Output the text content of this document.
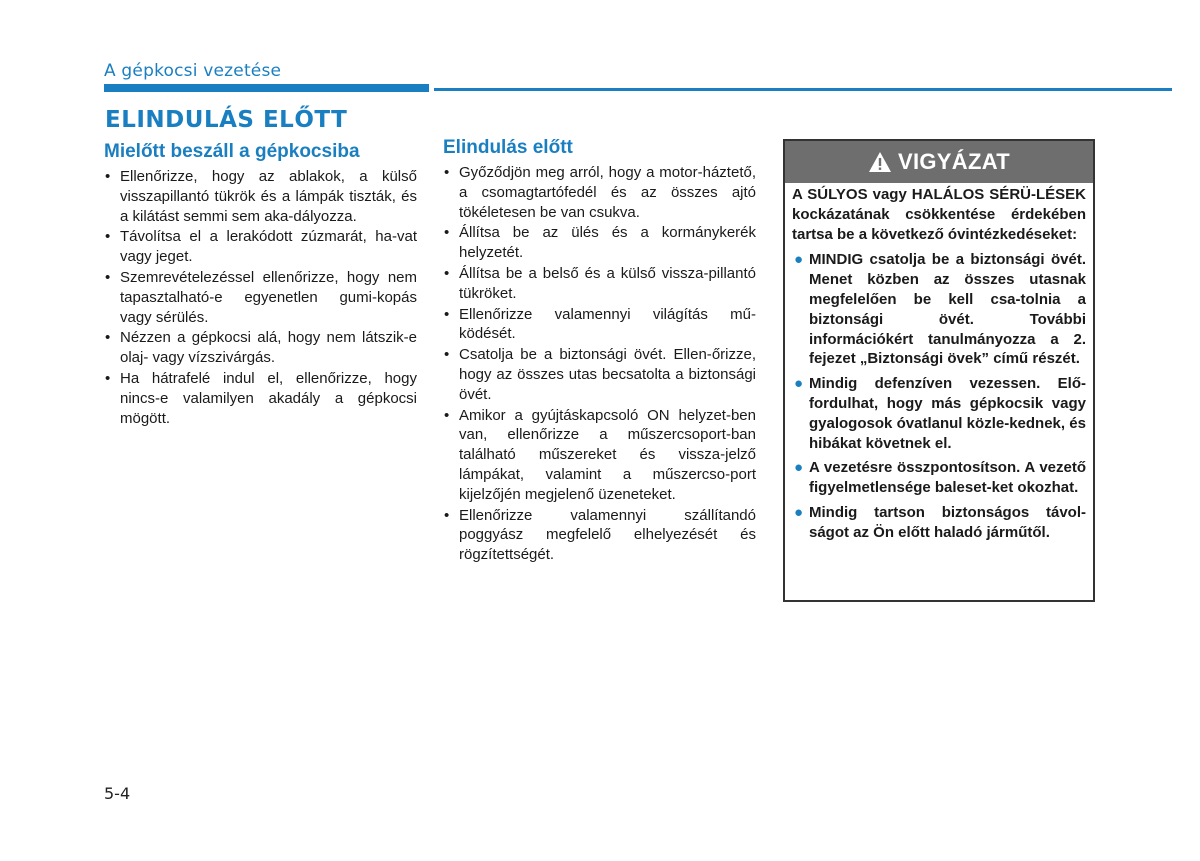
A gépkocsi vezetése
ELINDULÁS ELŐTT
Mielőtt beszáll a gépkocsiba
• Ellenőrizze, hogy az ablakok, a külső visszapillantó tükrök és a lámpák tiszták, és a kilátást semmi sem aka-dályozza.
• Távolítsa el a lerakódott zúzmarát, ha-vat vagy jeget.
• Szemrevételezéssel ellenőrizze, hogy nem tapasztalható-e egyenetlen gumi-kopás vagy sérülés.
• Nézzen a gépkocsi alá, hogy nem látszik-e olaj- vagy vízszivárgás.
• Ha hátrafelé indul el, ellenőrizze, hogy nincs-e valamilyen akadály a gépkocsi mögött.
Elindulás előtt
• Győződjön meg arról, hogy a motor-háztető, a csomagtartófedél és az összes ajtó tökéletesen be van csukva.
• Állítsa be az ülés és a kormánykerék helyzetét.
• Állítsa be a belső és a külső vissza-pillantó tükröket.
• Ellenőrizze valamennyi világítás mű-ködését.
• Csatolja be a biztonsági övét. Ellen-őrizze, hogy az összes utas becsatolta a biztonsági övét.
• Amikor a gyújtáskapcsoló ON helyzet-ben van, ellenőrizze a műszercsoport-ban található műszereket és vissza-jelző lámpákat, valamint a műszercso-port kijelzőjén megjelenő üzeneteket.
• Ellenőrizze valamennyi szállítandó poggyász megfelelő elhelyezését és rögzítettségét.
VIGYÁZAT

A SÚLYOS vagy HALÁLOS SÉRÜ-LÉSEK kockázatának csökkentése érdekében tartsa be a következő óvintézkedéseket:

● MINDIG csatolja be a biztonsági övét. Menet közben az összes utasnak megfelelően be kell csa-tolnia a biztonsági övét. További információkért tanulmányozza a 2. fejezet „Biztonsági övek” című részét.
● Mindig defenzíven vezessen. Elő-fordulhat, hogy más gépkocsik vagy gyalogosok óvatlanul közle-kednek, és hibákat követnek el.
● A vezetésre összpontosítson. A vezető figyelmetlensége baleset-ket okozhat.
● Mindig tartson biztonságos távol-ságot az Ön előtt haladó járműtől.
5-4
